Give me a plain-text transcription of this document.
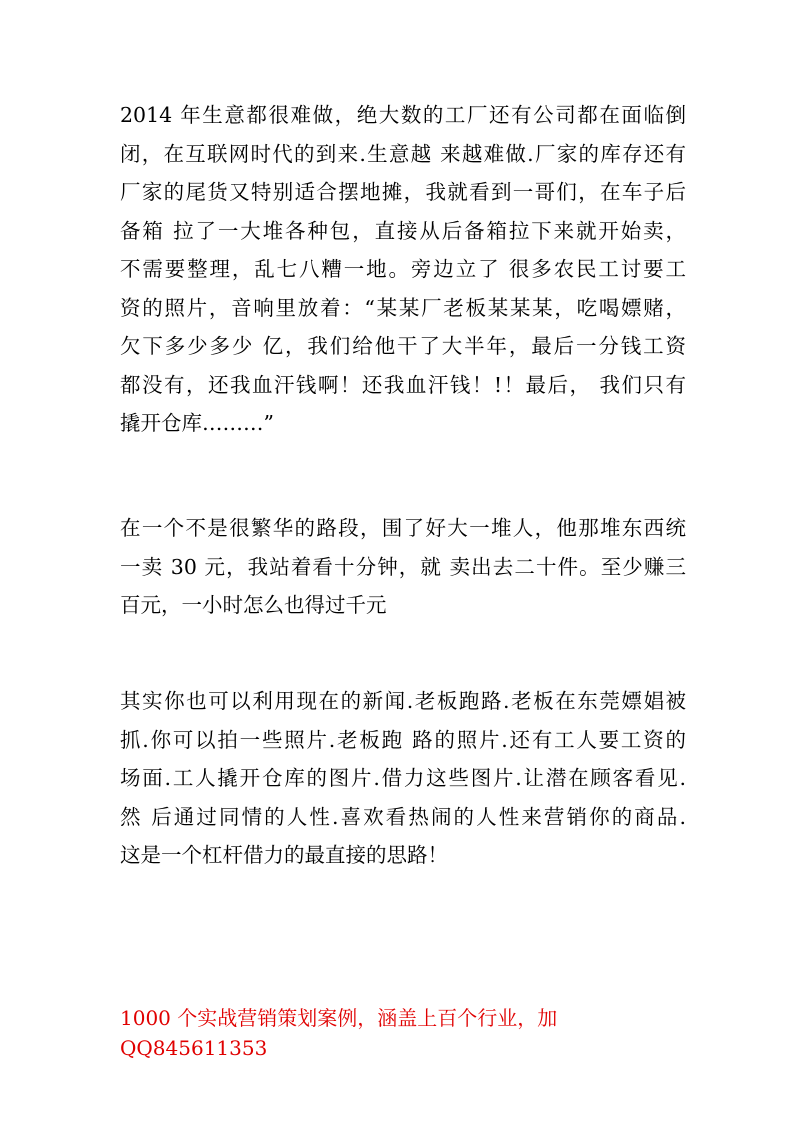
2014 年生意都很难做，绝大数的工厂还有公司都在面临倒
闭，在互联网时代的到来.生意越 来越难做.厂家的库存还有
厂家的尾货又特别适合摆地摊，我就看到一哥们，在车子后
备箱 拉了一大堆各种包，直接从后备箱拉下来就开始卖，
不需要整理，乱七八糟一地。旁边立了 很多农民工讨要工
资的照片，音响里放着：“某某厂老板某某某，吃喝嫖赌，
欠下多少多少 亿，我们给他干了大半年，最后一分钱工资
都没有，还我血汗钱啊！还我血汗钱！!！最后， 我们只有
撬开仓库………”
在一个不是很繁华的路段，围了好大一堆人，他那堆东西统
一卖 30 元，我站着看十分钟，就 卖出去二十件。至少赚三
百元，一小时怎么也得过千元
其实你也可以利用现在的新闻.老板跑路.老板在东莞嫖娼被
抓.你可以拍一些照片.老板跑 路的照片.还有工人要工资的
场面.工人撬开仓库的图片.借力这些图片.让潜在顾客看见.
然 后通过同情的人性.喜欢看热闹的人性来营销你的商品.
这是一个杠杆借力的最直接的思路！
1000 个实战营销策划案例，涵盖上百个行业，加
QQ845611353
